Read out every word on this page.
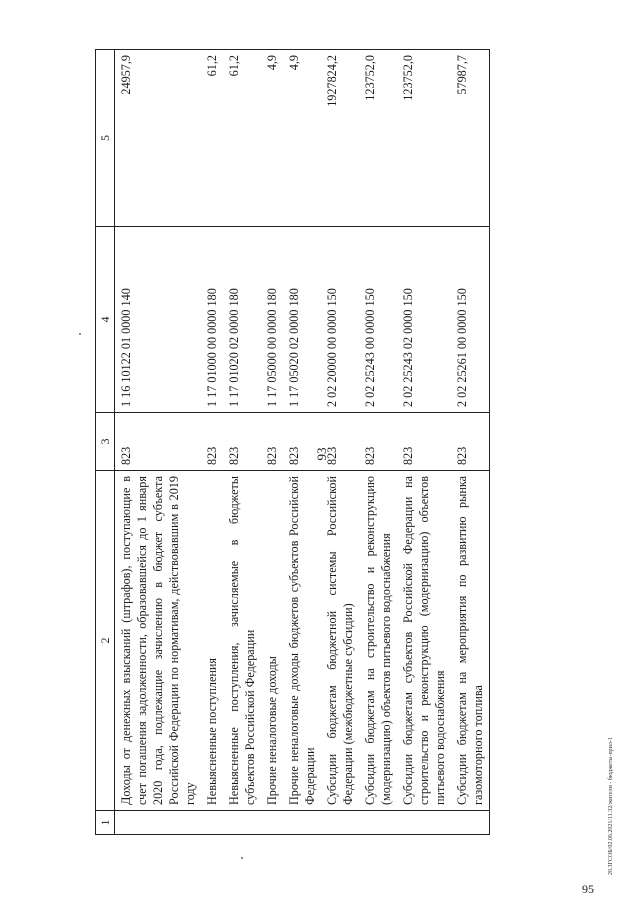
93
1	2	3	4	5
	Доходы от денежных взысканий (штрафов), поступающие в счет погашения задолженности, образовавшейся до 1 января 2020 года, подлежащие зачислению в бюджет субъекта Российской Федерации по нормативам, действовавшим в 2019 году	823	1 16 10122 01 0000 140	24957,9
	Невыясненные поступления	823	1 17 01000 00 0000 180	61,2
	Невыясненные поступления, зачисляемые в бюджеты субъектов Российской Федерации	823	1 17 01020 02 0000 180	61,2
	Прочие неналоговые доходы	823	1 17 05000 00 0000 180	4,9
	Прочие неналоговые доходы бюджетов субъектов Российской Федерации	823	1 17 05020 02 0000 180	4,9
	Субсидии бюджетам бюджетной системы Российской Федерации (межбюджетные субсидии)	823	2 02 20000 00 0000 150	1927824,2
	Субсидии бюджетам на строительство и реконструкцию (модернизацию) объектов питьевого водоснабжения	823	2 02 25243 00 0000 150	123752,0
	Субсидии бюджетам субъектов Российской Федерации на строительство и реконструкцию (модернизацию) объектов питьевого водоснабжения	823	2 02 25243 02 0000 150	123752,0
	Субсидии бюджетам на мероприятия по развитию рынка газомоторного топлива	823	2 02 25261 00 0000 150	57987,7
20.3ГСОБ/02.06.2021/11.32/жители - бюджеты-прил-1
95
